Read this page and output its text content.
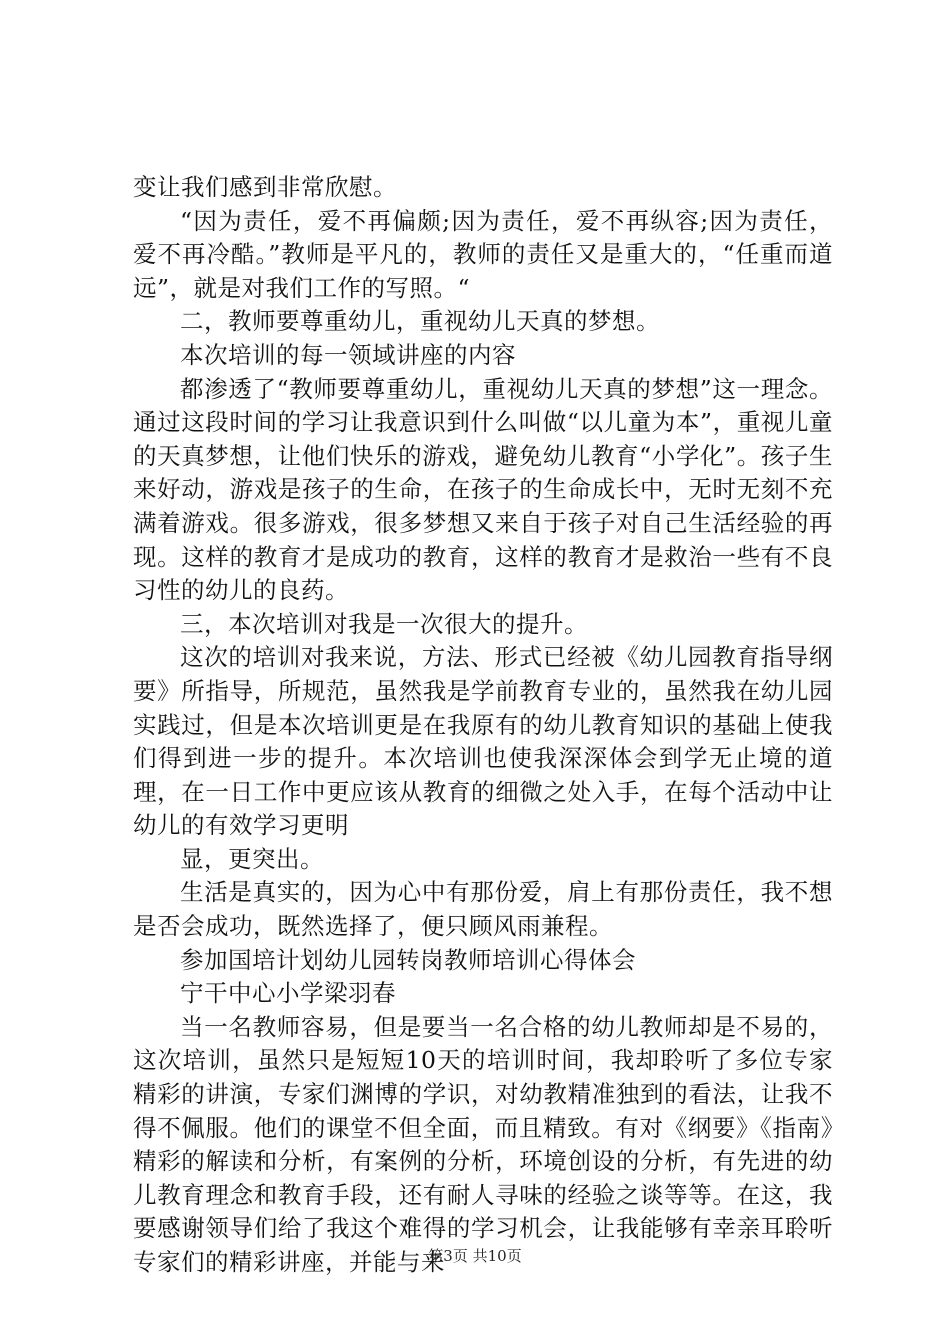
变让我们感到非常欣慰。

“因为责任，爱不再偏颇;因为责任，爱不再纵容;因为责任，爱不再冷酷。”教师是平凡的，教师的责任又是重大的，“任重而道远”，就是对我们工作的写照。“

二，教师要尊重幼儿，重视幼儿天真的梦想。

本次培训的每一领域讲座的内容

都渗透了“教师要尊重幼儿，重视幼儿天真的梦想”这一理念。通过这段时间的学习让我意识到什么叫做“以儿童为本”，重视儿童的天真梦想，让他们快乐的游戏，避免幼儿教育“小学化”。孩子生来好动，游戏是孩子的生命，在孩子的生命成长中，无时无刻不充满着游戏。很多游戏，很多梦想又来自于孩子对自己生活经验的再现。这样的教育才是成功的教育，这样的教育才是救治一些有不良习性的幼儿的良药。

三，本次培训对我是一次很大的提升。

这次的培训对我来说，方法、形式已经被《幼儿园教育指导纲要》所指导，所规范，虽然我是学前教育专业的，虽然我在幼儿园实践过，但是本次培训更是在我原有的幼儿教育知识的基础上使我们得到进一步的提升。本次培训也使我深深体会到学无止境的道理，在一日工作中更应该从教育的细微之处入手，在每个活动中让幼儿的有效学习更明

显，更突出。

生活是真实的，因为心中有那份爱，肩上有那份责任，我不想是否会成功，既然选择了，便只顾风雨兼程。

参加国培计划幼儿园转岗教师培训心得体会

宁干中心小学梁羽春

当一名教师容易，但是要当一名合格的幼儿教师却是不易的，这次培训，虽然只是短短10天的培训时间，我却聆听了多位专家精彩的讲演，专家们渊博的学识，对幼教精准独到的看法，让我不得不佩服。他们的课堂不但全面，而且精致。有对《纲要》《指南》精彩的解读和分析，有案例的分析，环境创设的分析，有先进的幼儿教育理念和教育手段，还有耐人寻味的经验之谈等等。在这，我要感谢领导们给了我这个难得的学习机会，让我能够有幸亲耳聆听专家们的精彩讲座，并能与来

第3页 共10页
